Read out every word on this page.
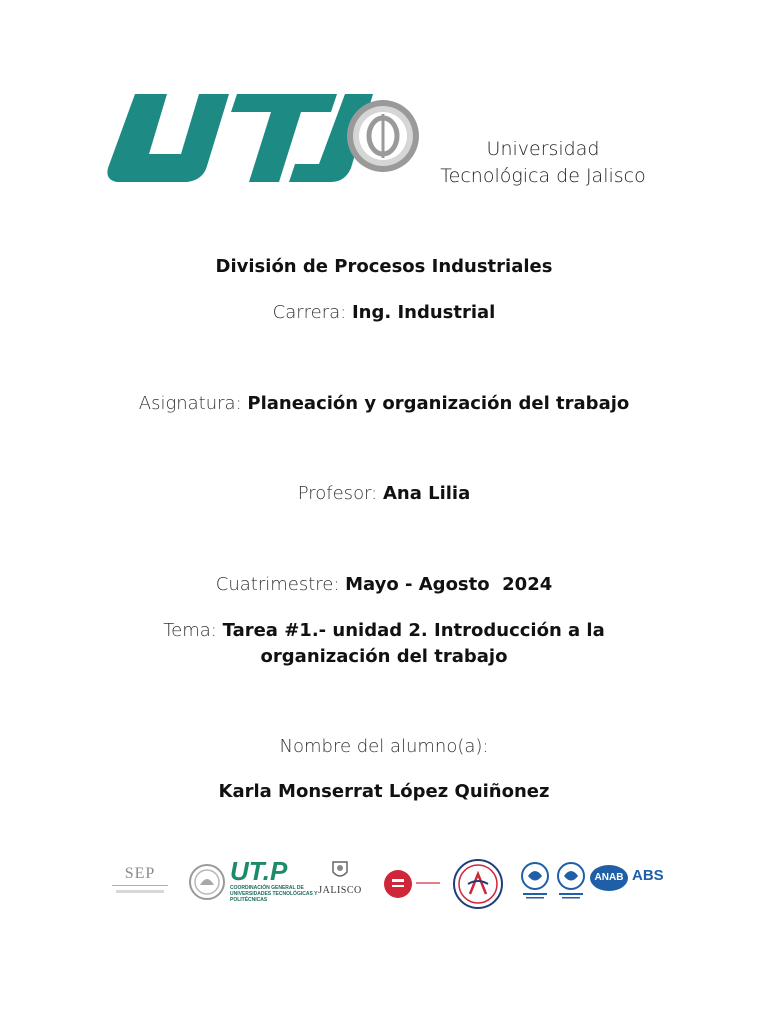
Universidad
Tecnológica de Jalisco
División de Procesos Industriales
Carrera: Ing. Industrial
Asignatura: Planeación y organización del trabajo
Profesor: Ana Lilia
Cuatrimestre: Mayo - Agosto  2024
Tema: Tarea #1.- unidad 2. Introducción a la
organización del trabajo
Nombre del alumno(a):
Karla Monserrat López Quiñonez
SEP	UT.P
COORDINACIÓN GENERAL DE UNIVERSIDADES TECNOLÓGICAS Y POLITÉCNICAS
JALISCO
ANAB ABS
